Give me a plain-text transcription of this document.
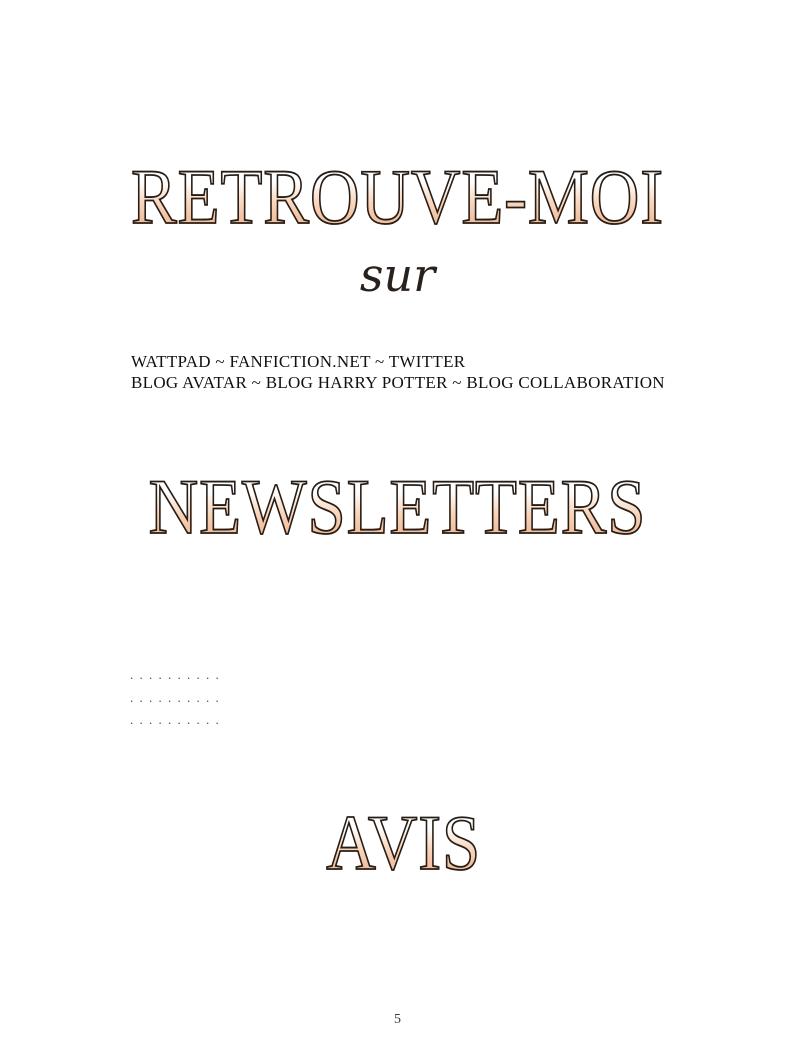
RETROUVE-MOI
sur
WATTPAD ~ FANFICTION.NET ~ TWITTER
BLOG AVATAR ~ BLOG HARRY POTTER ~ BLOG COLLABORATION
NEWSLETTERS
. . . . . . . . . .
. . . . . . . . . .
. . . . . . . . . .
AVIS
5
